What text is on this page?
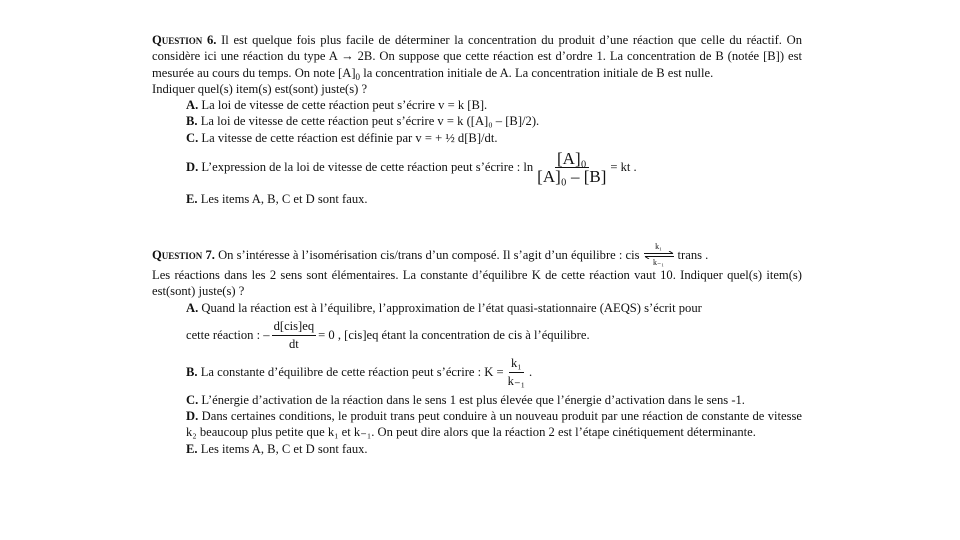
Question 6. Il est quelque fois plus facile de déterminer la concentration du produit d’une réaction que celle du réactif. On considère ici une réaction du type A → 2B. On suppose que cette réaction est d’ordre 1. La concentration de B (notée [B]) est mesurée au cours du temps. On note $[A]_0$ la concentration initiale de A. La concentration initiale de B est nulle.

Indiquer quel(s) item(s) est(sont) juste(s) ?

A. La loi de vitesse de cette réaction peut s’écrire v = k [B].

B. La loi de vitesse de cette réaction peut s’écrire v = k ([A]₀ – [B]/2).

C. La vitesse de cette réaction est définie par v = + ½ d[B]/dt.

D.
L’expression de la loi de vitesse de cette réaction peut s’écrire :
$\ln \frac{\text{[A]₀}}{\text{[A]₀ – [B]}}$ = kt .

E. Les items A, B, C et D sont faux.

Question 7.
On s’intéresse à l’isomérisation cis/trans d’un composé. Il s’agit d’un équilibre :
cis
k₁
k₋₁
trans .

Les réactions dans les 2 sens sont élémentaires. La constante d’équilibre K de cette réaction vaut 10. Indiquer quel(s) item(s) est(sont) juste(s) ?

A. Quand la réaction est à l’équilibre, l’approximation de l’état quasi-stationnaire (AEQS) s’écrit pour

cette réaction : – $\frac{\text{d[cis]eq}}{dt} = 0$ , [cis]eq étant la concentration de cis à l’équilibre.
B.
La constante d’équilibre de cette réaction peut s’écrire :
$K = \frac{\text{k₁}}{\text{k₋₁}}$ .

C. L’énergie d’activation de la réaction dans le sens 1 est plus élevée que l’énergie d’activation dans le sens -1.

D. Dans certaines conditions, le produit trans peut conduire à un nouveau produit par une réaction de constante de vitesse k₂ beaucoup plus petite que k₁ et k₋₁. On peut dire alors que la réaction 2 est l’étape cinétiquement déterminante.

E. Les items A, B, C et D sont faux.
